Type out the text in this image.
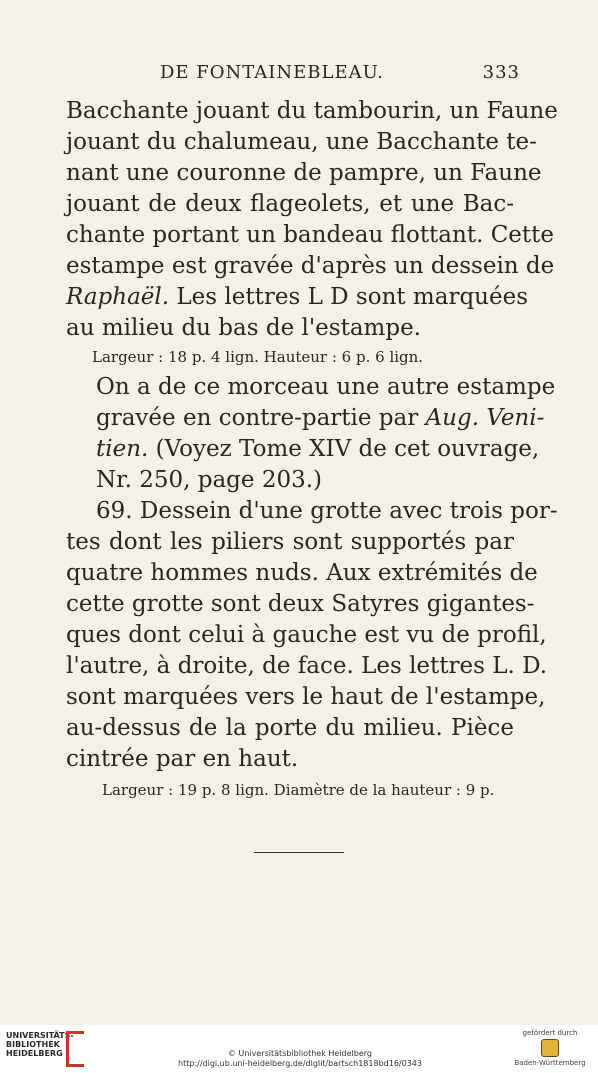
DE FONTAINEBLEAU.	333
Bacchante jouant du tambourin, un Faune
jouant du chalumeau, une Bacchante te-
nant une couronne de pampre, un Faune
jouant de deux flageolets, et une Bac-
chante portant un bandeau flottant. Cette
estampe est gravée d'après un dessein de
Raphaël. Les lettres L D sont marquées
au milieu du bas de l'estampe.
Largeur : 18 p. 4 lign. Hauteur : 6 p. 6 lign.
On a de ce morceau une autre estampe
gravée en contre-partie par Aug. Veni-
tien. (Voyez Tome XIV de cet ouvrage,
Nr. 250, page 203.)
69. Dessein d'une grotte avec trois por-
tes dont les piliers sont supportés par
quatre hommes nuds. Aux extrémités de
cette grotte sont deux Satyres gigantes-
ques dont celui à gauche est vu de profil,
l'autre, à droite, de face. Les lettres L. D.
sont marquées vers le haut de l'estampe,
au-dessus de la porte du milieu. Pièce
cintrée par en haut.
Largeur : 19 p. 8 lign. Diamètre de la hauteur : 9 p.
UNIVERSITÄTS-
BIBLIOTHEK
HEIDELBERG	© Universitätsbibliothek Heidelberg
http://digi.ub.uni-heidelberg.de/diglit/bartsch1818bd16/0343
gefördert durch
Baden-Württemberg
